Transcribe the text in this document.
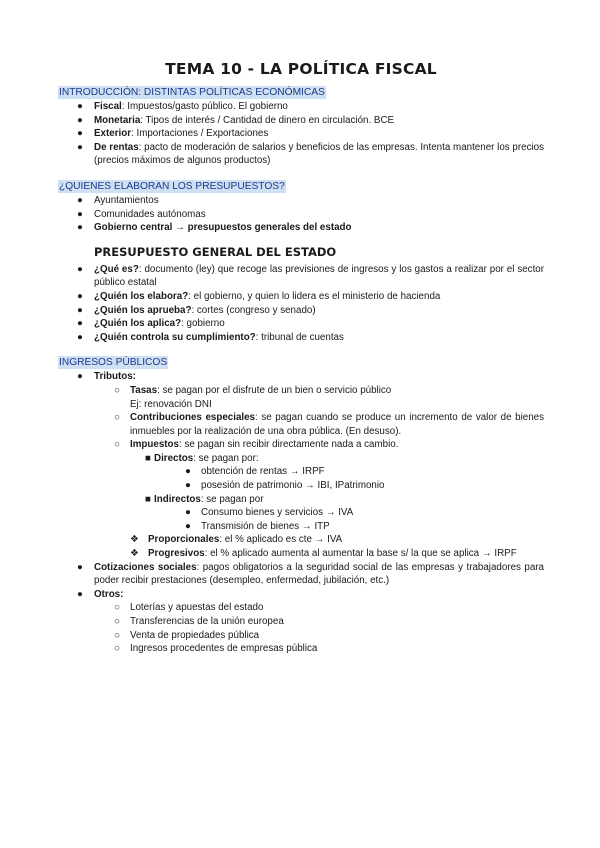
TEMA 10 - LA POLÍTICA FISCAL
INTRODUCCIÓN: DISTINTAS POLÍTICAS ECONÓMICAS
● Fiscal: Impuestos/gasto público. El gobierno
● Monetaria: Tipos de interés / Cantidad de dinero en circulación. BCE
● Exterior: Importaciones / Exportaciones
● De rentas: pacto de moderación de salarios y beneficios de las empresas. Intenta mantener los precios (precios máximos de algunos productos)
¿QUIENES ELABORAN LOS PRESUPUESTOS?
● Ayuntamientos
● Comunidades autónomas
● Gobierno central → presupuestos generales del estado
PRESUPUESTO GENERAL DEL ESTADO
● ¿Qué es?: documento (ley) que recoge las previsiones de ingresos y los gastos a realizar por el sector público estatal
● ¿Quién los elabora?: el gobierno, y quien lo lidera es el ministerio de hacienda
● ¿Quién los aprueba?: cortes (congreso y senado)
● ¿Quién los aplica?: gobierno
● ¿Quién controla su cumplimiento?: tribunal de cuentas
INGRESOS PÚBLICOS
● Tributos:
○ Tasas: se pagan por el disfrute de un bien o servicio público
Ej: renovación DNI
○ Contribuciones especiales: se pagan cuando se produce un incremento de valor de bienes inmuebles por la realización de una obra pública. (En desuso).
○ Impuestos: se pagan sin recibir directamente nada a cambio.
■ Directos: se pagan por:
● obtención de rentas → IRPF
● posesión de patrimonio → IBI, IPatrimonio
■ Indirectos: se pagan por
● Consumo bienes y servicios → IVA
● Transmisión de bienes → ITP
❖ Proporcionales: el % aplicado es cte → IVA
❖ Progresivos: el % aplicado aumenta al aumentar la base s/ la que se aplica → IRPF
● Cotizaciones sociales: pagos obligatorios a la seguridad social de las empresas y trabajadores para poder recibir prestaciones (desempleo, enfermedad, jubilación, etc.)
● Otros:
○ Loterías y apuestas del estado
○ Transferencias de la unión europea
○ Venta de propiedades pública
○ Ingresos procedentes de empresas pública
